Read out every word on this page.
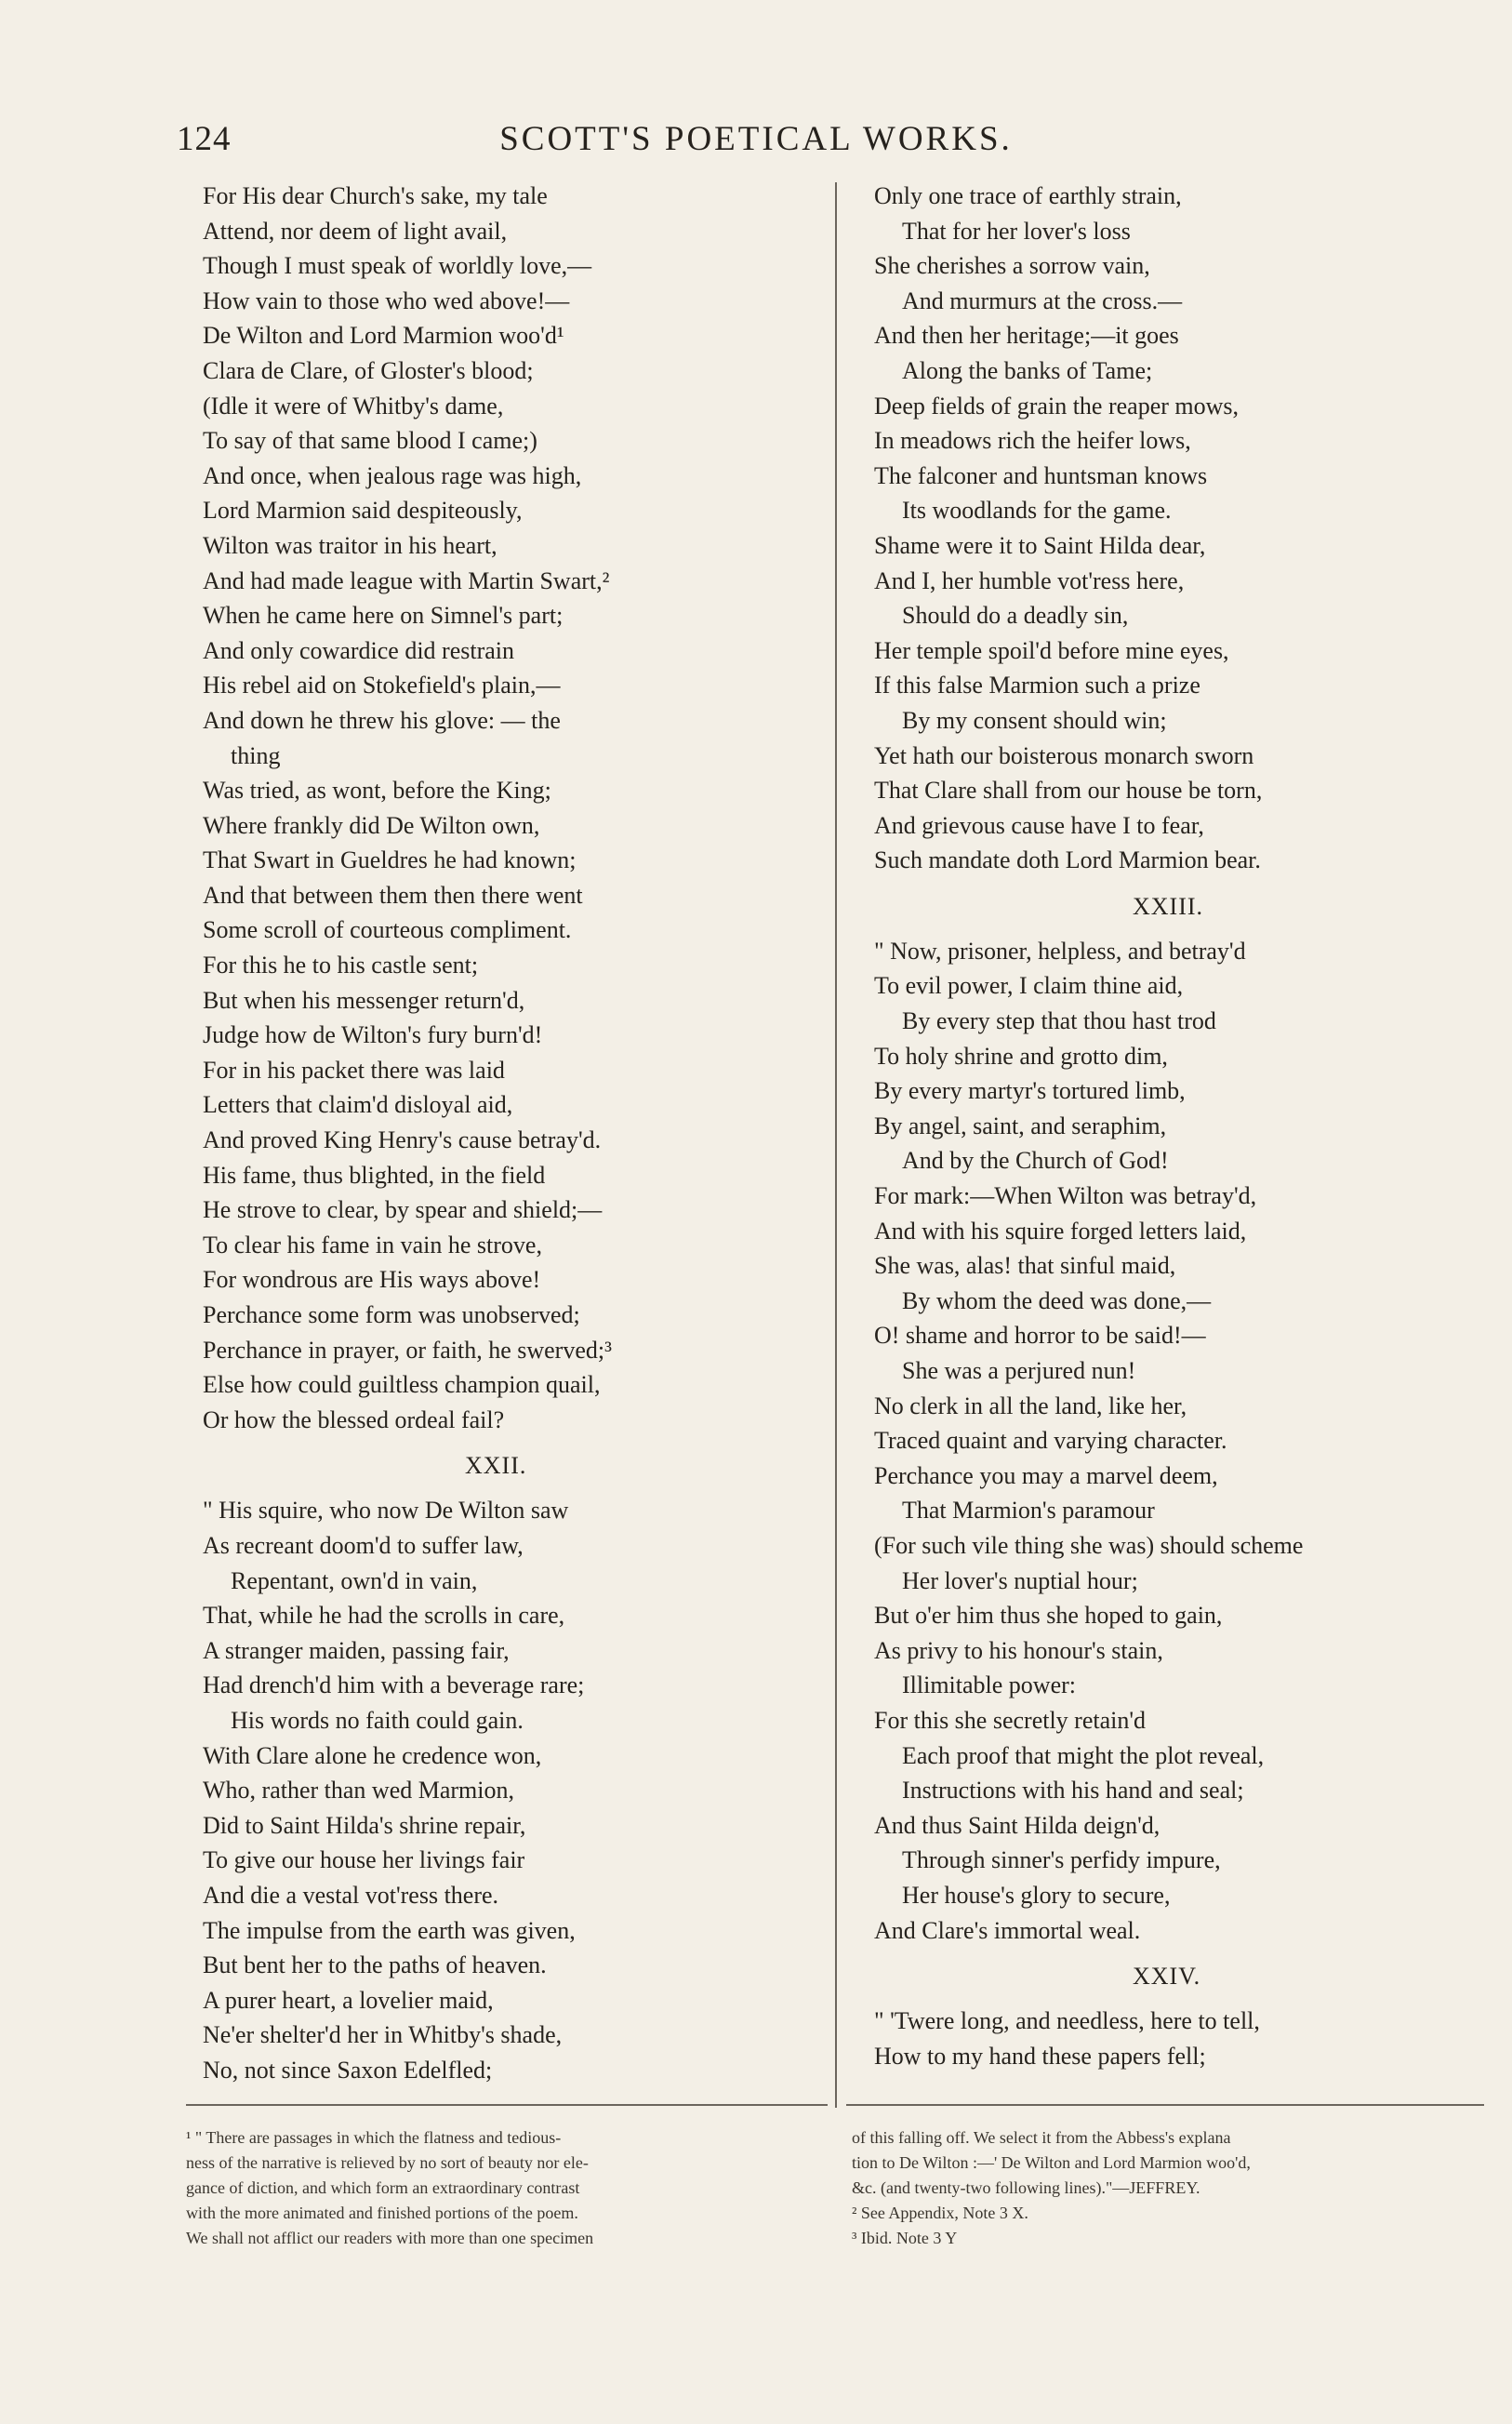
124	SCOTT'S POETICAL WORKS.
For His dear Church's sake, my tale
Attend, nor deem of light avail,
Though I must speak of worldly love,—
How vain to those who wed above!—
De Wilton and Lord Marmion woo'd¹
Clara de Clare, of Gloster's blood;
(Idle it were of Whitby's dame,
To say of that same blood I came;)
And once, when jealous rage was high,
Lord Marmion said despiteously,
Wilton was traitor in his heart,
And had made league with Martin Swart,²
When he came here on Simnel's part;
And only cowardice did restrain
His rebel aid on Stokefield's plain,—
And down he threw his glove: — the
thing
Was tried, as wont, before the King;
Where frankly did De Wilton own,
That Swart in Gueldres he had known;
And that between them then there went
Some scroll of courteous compliment.
For this he to his castle sent;
But when his messenger return'd,
Judge how de Wilton's fury burn'd!
For in his packet there was laid
Letters that claim'd disloyal aid,
And proved King Henry's cause betray'd.
His fame, thus blighted, in the field
He strove to clear, by spear and shield;—
To clear his fame in vain he strove,
For wondrous are His ways above!
Perchance some form was unobserved;
Perchance in prayer, or faith, he swerved;³
Else how could guiltless champion quail,
Or how the blessed ordeal fail?
XXII.
" His squire, who now De Wilton saw
As recreant doom'd to suffer law,
Repentant, own'd in vain,
That, while he had the scrolls in care,
A stranger maiden, passing fair,
Had drench'd him with a beverage rare;
His words no faith could gain.
With Clare alone he credence won,
Who, rather than wed Marmion,
Did to Saint Hilda's shrine repair,
To give our house her livings fair
And die a vestal vot'ress there.
The impulse from the earth was given,
But bent her to the paths of heaven.
A purer heart, a lovelier maid,
Ne'er shelter'd her in Whitby's shade,
No, not since Saxon Edelfled;
Only one trace of earthly strain,
That for her lover's loss
She cherishes a sorrow vain,
And murmurs at the cross.—
And then her heritage;—it goes
Along the banks of Tame;
Deep fields of grain the reaper mows,
In meadows rich the heifer lows,
The falconer and huntsman knows
Its woodlands for the game.
Shame were it to Saint Hilda dear,
And I, her humble vot'ress here,
Should do a deadly sin,
Her temple spoil'd before mine eyes,
If this false Marmion such a prize
By my consent should win;
Yet hath our boisterous monarch sworn
That Clare shall from our house be torn,
And grievous cause have I to fear,
Such mandate doth Lord Marmion bear.
XXIII.
" Now, prisoner, helpless, and betray'd
To evil power, I claim thine aid,
By every step that thou hast trod
To holy shrine and grotto dim,
By every martyr's tortured limb,
By angel, saint, and seraphim,
And by the Church of God!
For mark:—When Wilton was betray'd,
And with his squire forged letters laid,
She was, alas! that sinful maid,
By whom the deed was done,—
O! shame and horror to be said!—
She was a perjured nun!
No clerk in all the land, like her,
Traced quaint and varying character.
Perchance you may a marvel deem,
That Marmion's paramour
(For such vile thing she was) should scheme
Her lover's nuptial hour;
But o'er him thus she hoped to gain,
As privy to his honour's stain,
Illimitable power:
For this she secretly retain'd
Each proof that might the plot reveal,
Instructions with his hand and seal;
And thus Saint Hilda deign'd,
Through sinner's perfidy impure,
Her house's glory to secure,
And Clare's immortal weal.
XXIV.
" 'Twere long, and needless, here to tell,
How to my hand these papers fell;
¹ " There are passages in which the flatness and tedious-
ness of the narrative is relieved by no sort of beauty nor ele-
gance of diction, and which form an extraordinary contrast
with the more animated and finished portions of the poem.
We shall not afflict our readers with more than one specimen
of this falling off. We select it from the Abbess's explana
tion to De Wilton :—' De Wilton and Lord Marmion woo'd,
&c. (and twenty-two following lines)."—JEFFREY.
² See Appendix, Note 3 X.
³ Ibid. Note 3 Y
